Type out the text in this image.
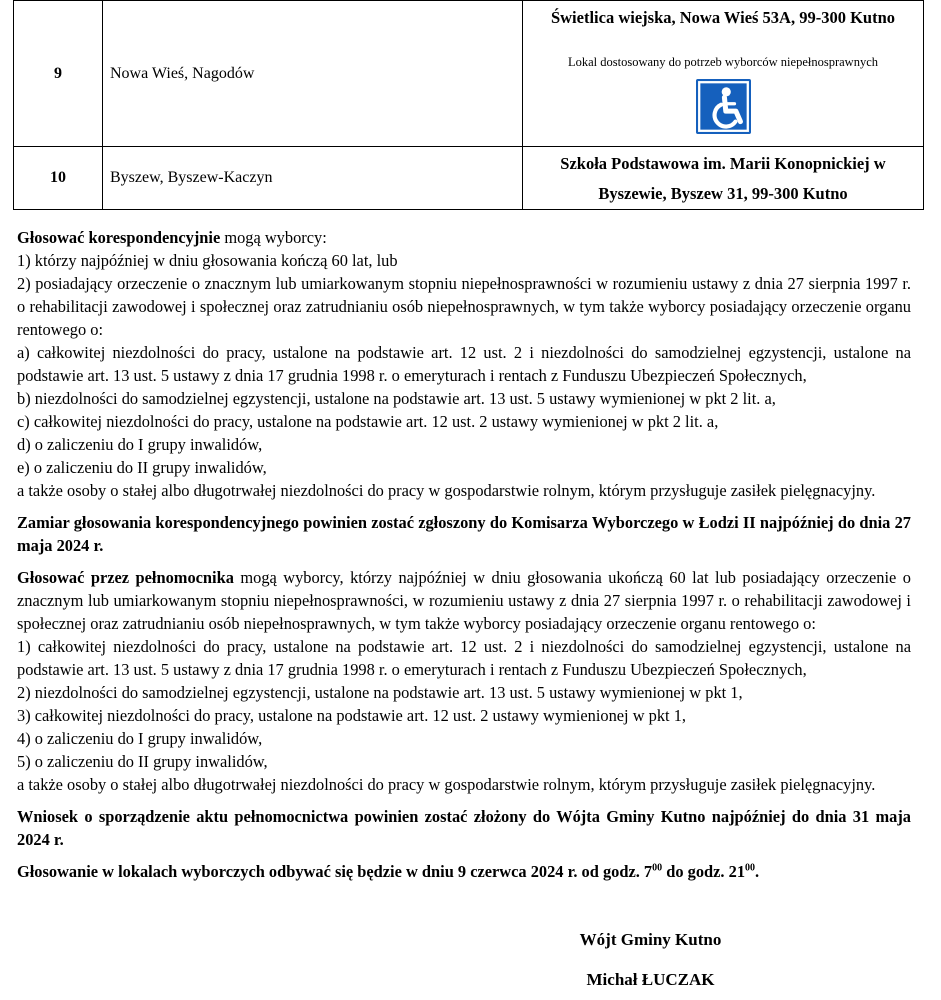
9	Nowa Wieś, Nagodów	Świetlica wiejska, Nowa Wieś 53A, 99-300 Kutno
Lokal dostosowany do potrzeb wyborców niepełnosprawnych

10	Byszew, Byszew-Kaczyn	Szkoła Podstawowa im. Marii Konopnickiej w Byszewie, Byszew 31, 99-300 Kutno

Głosować korespondencyjnie mogą wyborcy:

1) którzy najpóźniej w dniu głosowania kończą 60 lat, lub

2) posiadający orzeczenie o znacznym lub umiarkowanym stopniu niepełnosprawności w rozumieniu ustawy z dnia 27 sierpnia 1997 r. o rehabilitacji zawodowej i społecznej oraz zatrudnianiu osób niepełnosprawnych, w tym także wyborcy posiadający orzeczenie organu rentowego o:

a) całkowitej niezdolności do pracy, ustalone na podstawie art. 12 ust. 2 i niezdolności do samodzielnej egzystencji, ustalone na podstawie art. 13 ust. 5 ustawy z dnia 17 grudnia 1998 r. o emeryturach i rentach z Funduszu Ubezpieczeń Społecznych,

b) niezdolności do samodzielnej egzystencji, ustalone na podstawie art. 13 ust. 5 ustawy wymienionej w pkt 2 lit. a,

c) całkowitej niezdolności do pracy, ustalone na podstawie art. 12 ust. 2 ustawy wymienionej w pkt 2 lit. a,

d) o zaliczeniu do I grupy inwalidów,

e) o zaliczeniu do II grupy inwalidów,

a także osoby o stałej albo długotrwałej niezdolności do pracy w gospodarstwie rolnym, którym przysługuje zasiłek pielęgnacyjny.

Zamiar głosowania korespondencyjnego powinien zostać zgłoszony do Komisarza Wyborczego w Łodzi II najpóźniej do dnia 27 maja 2024 r.

Głosować przez pełnomocnika mogą wyborcy, którzy najpóźniej w dniu głosowania ukończą 60 lat lub posiadający orzeczenie o znacznym lub umiarkowanym stopniu niepełnosprawności, w rozumieniu ustawy z dnia 27 sierpnia 1997 r. o rehabilitacji zawodowej i społecznej oraz zatrudnianiu osób niepełnosprawnych, w tym także wyborcy posiadający orzeczenie organu rentowego o:

1) całkowitej niezdolności do pracy, ustalone na podstawie art. 12 ust. 2 i niezdolności do samodzielnej egzystencji, ustalone na podstawie art. 13 ust. 5 ustawy z dnia 17 grudnia 1998 r. o emeryturach i rentach z Funduszu Ubezpieczeń Społecznych,

2) niezdolności do samodzielnej egzystencji, ustalone na podstawie art. 13 ust. 5 ustawy wymienionej w pkt 1,

3) całkowitej niezdolności do pracy, ustalone na podstawie art. 12 ust. 2 ustawy wymienionej w pkt 1,

4) o zaliczeniu do I grupy inwalidów,

5) o zaliczeniu do II grupy inwalidów,

a także osoby o stałej albo długotrwałej niezdolności do pracy w gospodarstwie rolnym, którym przysługuje zasiłek pielęgnacyjny.

Wniosek o sporządzenie aktu pełnomocnictwa powinien zostać złożony do Wójta Gminy Kutno najpóźniej do dnia 31 maja 2024 r.

Głosowanie w lokalach wyborczych odbywać się będzie w dniu 9 czerwca 2024 r. od godz. $7^{00}$ do godz. $21^{00}$.

Wójt Gminy Kutno
Michał ŁUCZAK
